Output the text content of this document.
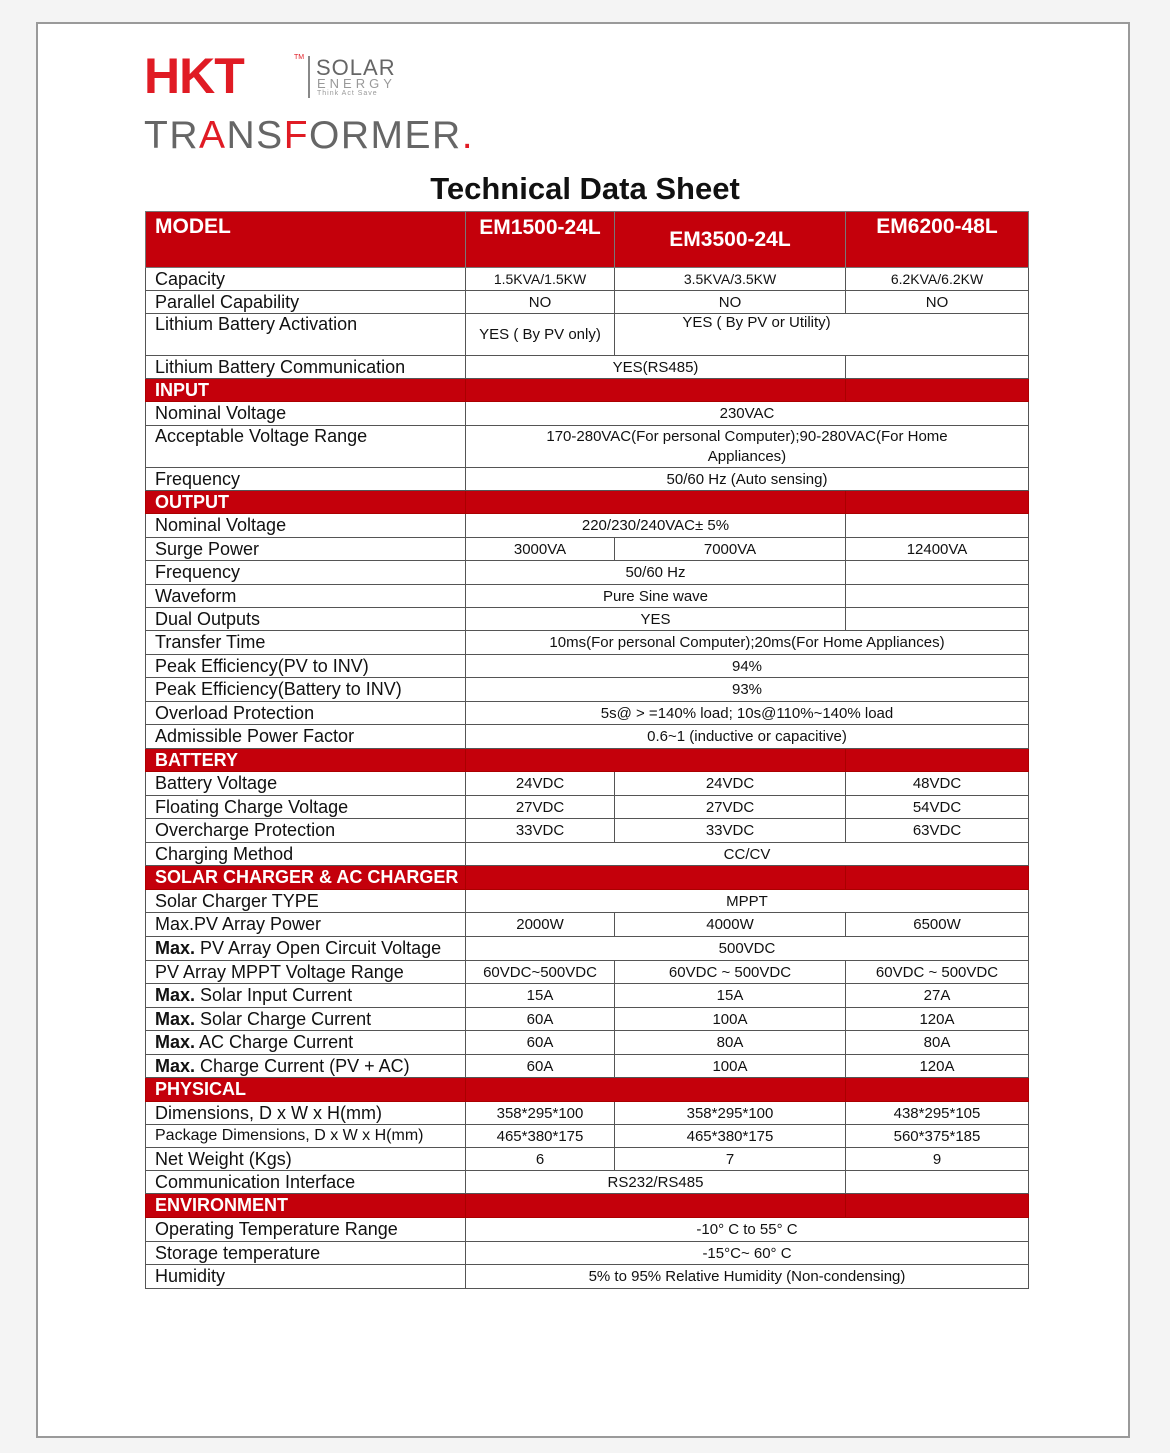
HKT	TM SOLAR
ENERGY
Think Act Save
TRANSFORMER.
Technical Data Sheet
MODEL	EM1500-24L	EM3500-24L	EM6200-48L
Capacity	1.5KVA/1.5KW	3.5KVA/3.5KW	6.2KVA/6.2KW
Parallel Capability	NO	NO	NO
Lithium Battery Activation	YES ( By PV only)	YES ( By PV or Utility)	
Lithium Battery Communication	YES(RS485)		
INPUT			
Nominal Voltage	230VAC		
Acceptable Voltage Range	170-280VAC(For personal Computer);90-280VAC(For Home Appliances)		
Frequency	50/60 Hz (Auto sensing)		
OUTPUT			
Nominal Voltage	220/230/240VAC± 5%		
Surge Power	3000VA	7000VA	12400VA
Frequency	50/60 Hz		
Waveform	Pure Sine wave		
Dual Outputs	YES		
Transfer Time	10ms(For personal Computer);20ms(For Home Appliances)		
Peak Efficiency(PV to INV)	94%		
Peak Efficiency(Battery to INV)	93%		
Overload Protection	5s@ > =140% load; 10s@110%~140% load		
Admissible Power Factor	0.6~1 (inductive or capacitive)		
BATTERY			
Battery Voltage	24VDC	24VDC	48VDC
Floating Charge Voltage	27VDC	27VDC	54VDC
Overcharge Protection	33VDC	33VDC	63VDC
Charging Method	CC/CV		
SOLAR CHARGER & AC CHARGER			
Solar Charger TYPE	MPPT		
Max.PV Array Power	2000W	4000W	6500W
Max. PV Array Open Circuit Voltage	500VDC		
PV Array MPPT Voltage Range	60VDC~500VDC	60VDC ~ 500VDC	60VDC ~ 500VDC
Max. Solar Input Current	15A	15A	27A
Max. Solar Charge Current	60A	100A	120A
Max. AC Charge Current	60A	80A	80A
Max. Charge Current (PV + AC)	60A	100A	120A
PHYSICAL			
Dimensions, D x W x H(mm)	358*295*100	358*295*100	438*295*105
Package Dimensions, D x W x H(mm)	465*380*175	465*380*175	560*375*185
Net Weight (Kgs)	6	7	9
Communication Interface	RS232/RS485		
ENVIRONMENT			
Operating Temperature Range	-10° C to 55° C		
Storage temperature	-15°C~ 60° C		
Humidity	5% to 95% Relative Humidity (Non-condensing)		
